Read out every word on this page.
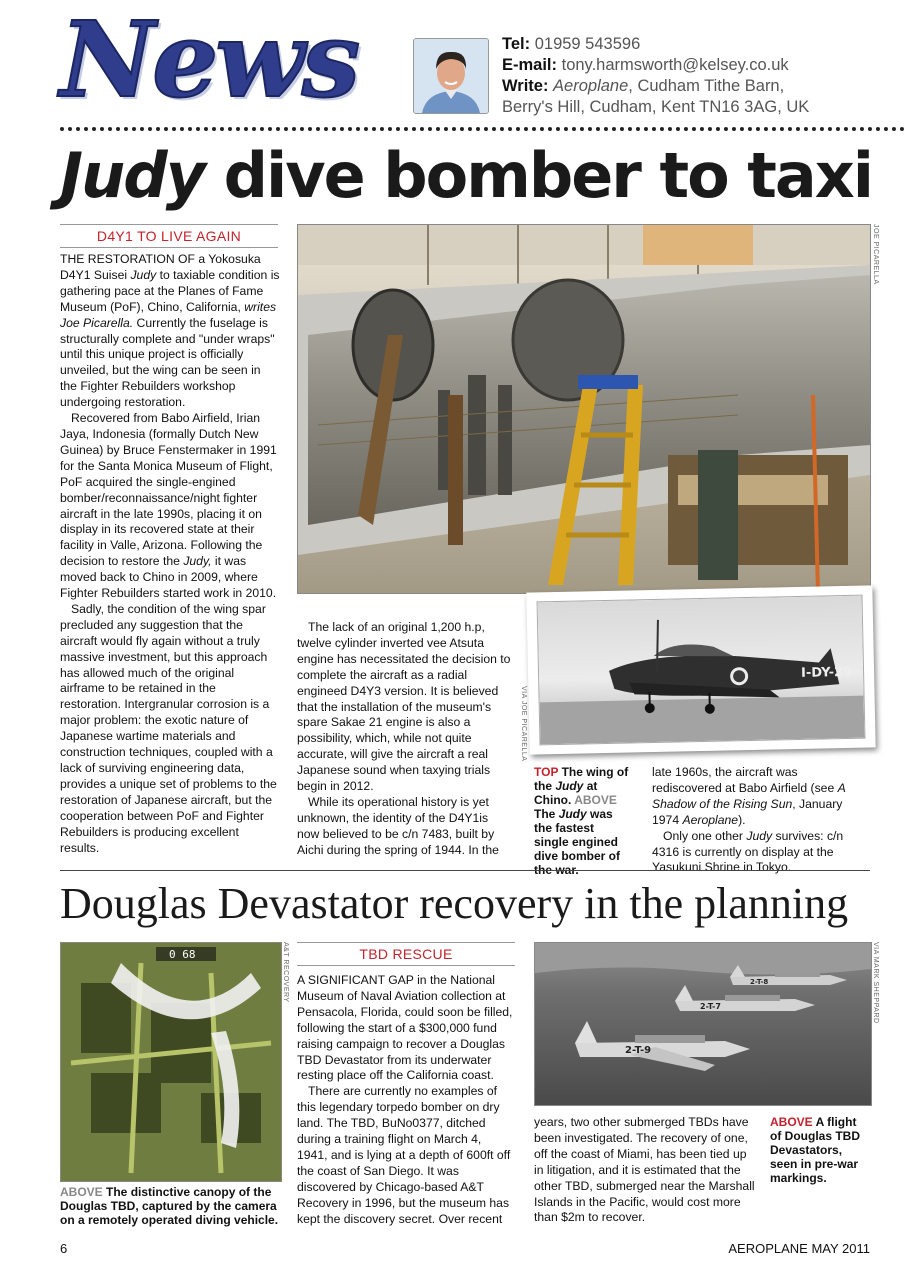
News	Tel: 01959 543596
E-mail: tony.harmsworth@kelsey.co.uk
Write: Aeroplane, Cudham Tithe Barn,
Berry's Hill, Cudham, Kent TN16 3AG, UK
Judy dive bomber to taxi
D4Y1 TO LIVE AGAIN

THE RESTORATION OF a Yokosuka D4Y1 Suisei Judy to taxiable condition is gathering pace at the Planes of Fame Museum (PoF), Chino, California, writes Joe Picarella. Currently the fuselage is structurally complete and "under wraps" until this unique project is officially unveiled, but the wing can be seen in the Fighter Rebuilders workshop undergoing restoration.

Recovered from Babo Airfield, Irian Jaya, Indonesia (formally Dutch New Guinea) by Bruce Fenstermaker in 1991 for the Santa Monica Museum of Flight, PoF acquired the single-engined bomber/reconnaissance/night fighter aircraft in the late 1990s, placing it on display in its recovered state at their facility in Valle, Arizona. Following the decision to restore the Judy, it was moved back to Chino in 2009, where Fighter Rebuilders started work in 2010.

Sadly, the condition of the wing spar precluded any suggestion that the aircraft would fly again without a truly massive investment, but this approach has allowed much of the original airframe to be retained in the restoration. Intergranular corrosion is a major problem: the exotic nature of Japanese wartime materials and construction techniques, coupled with a lack of surviving engineering data, provides a unique set of problems to the restoration of Japanese aircraft, but the cooperation between PoF and Fighter Rebuilders is producing excellent results.

JOE PICARELLA
I-DY-29
VIA JOE PICARELLA

The lack of an original 1,200 h.p, twelve cylinder inverted vee Atsuta engine has necessitated the decision to complete the aircraft as a radial engineed D4Y3 version. It is believed that the installation of the museum's spare Sakae 21 engine is also a possibility, which, while not quite accurate, will give the aircraft a real Japanese sound when taxying trials begin in 2012.

While its operational history is yet unknown, the identity of the D4Y1is now believed to be c/n 7483, built by Aichi during the spring of 1944. In the

TOP The wing of the Judy at Chino. ABOVE The Judy was the fastest single engined dive bomber of the war.

late 1960s, the aircraft was rediscovered at Babo Airfield (see A Shadow of the Rising Sun, January 1974 Aeroplane).

Only one other Judy survives: c/n 4316 is currently on display at the Yasukuni Shrine in Tokyo.

Douglas Devastator recovery in the planning
0 68	A&T RECOVERY
ABOVE The distinctive canopy of the Douglas TBD, captured by the camera on a remotely operated diving vehicle.
TBD RESCUE

A SIGNIFICANT GAP in the National Museum of Naval Aviation collection at Pensacola, Florida, could soon be filled, following the start of a $300,000 fund raising campaign to recover a Douglas TBD Devastator from its underwater resting place off the California coast.

There are currently no examples of this legendary torpedo bomber on dry land. The TBD, BuNo0377, ditched during a training flight on March 4, 1941, and is lying at a depth of 600ft off the coast of San Diego. It was discovered by Chicago-based A&T Recovery in 1996, but the museum has kept the discovery secret. Over recent

2-T-9
2-T-7
2-T-8	VIA MARK SHEPPARD

years, two other submerged TBDs have been investigated. The recovery of one, off the coast of Miami, has been tied up in litigation, and it is estimated that the other TBD, submerged near the Marshall Islands in the Pacific, would cost more than $2m to recover.

ABOVE A flight of Douglas TBD Devastators, seen in pre-war markings.
6	AEROPLANE MAY 2011
